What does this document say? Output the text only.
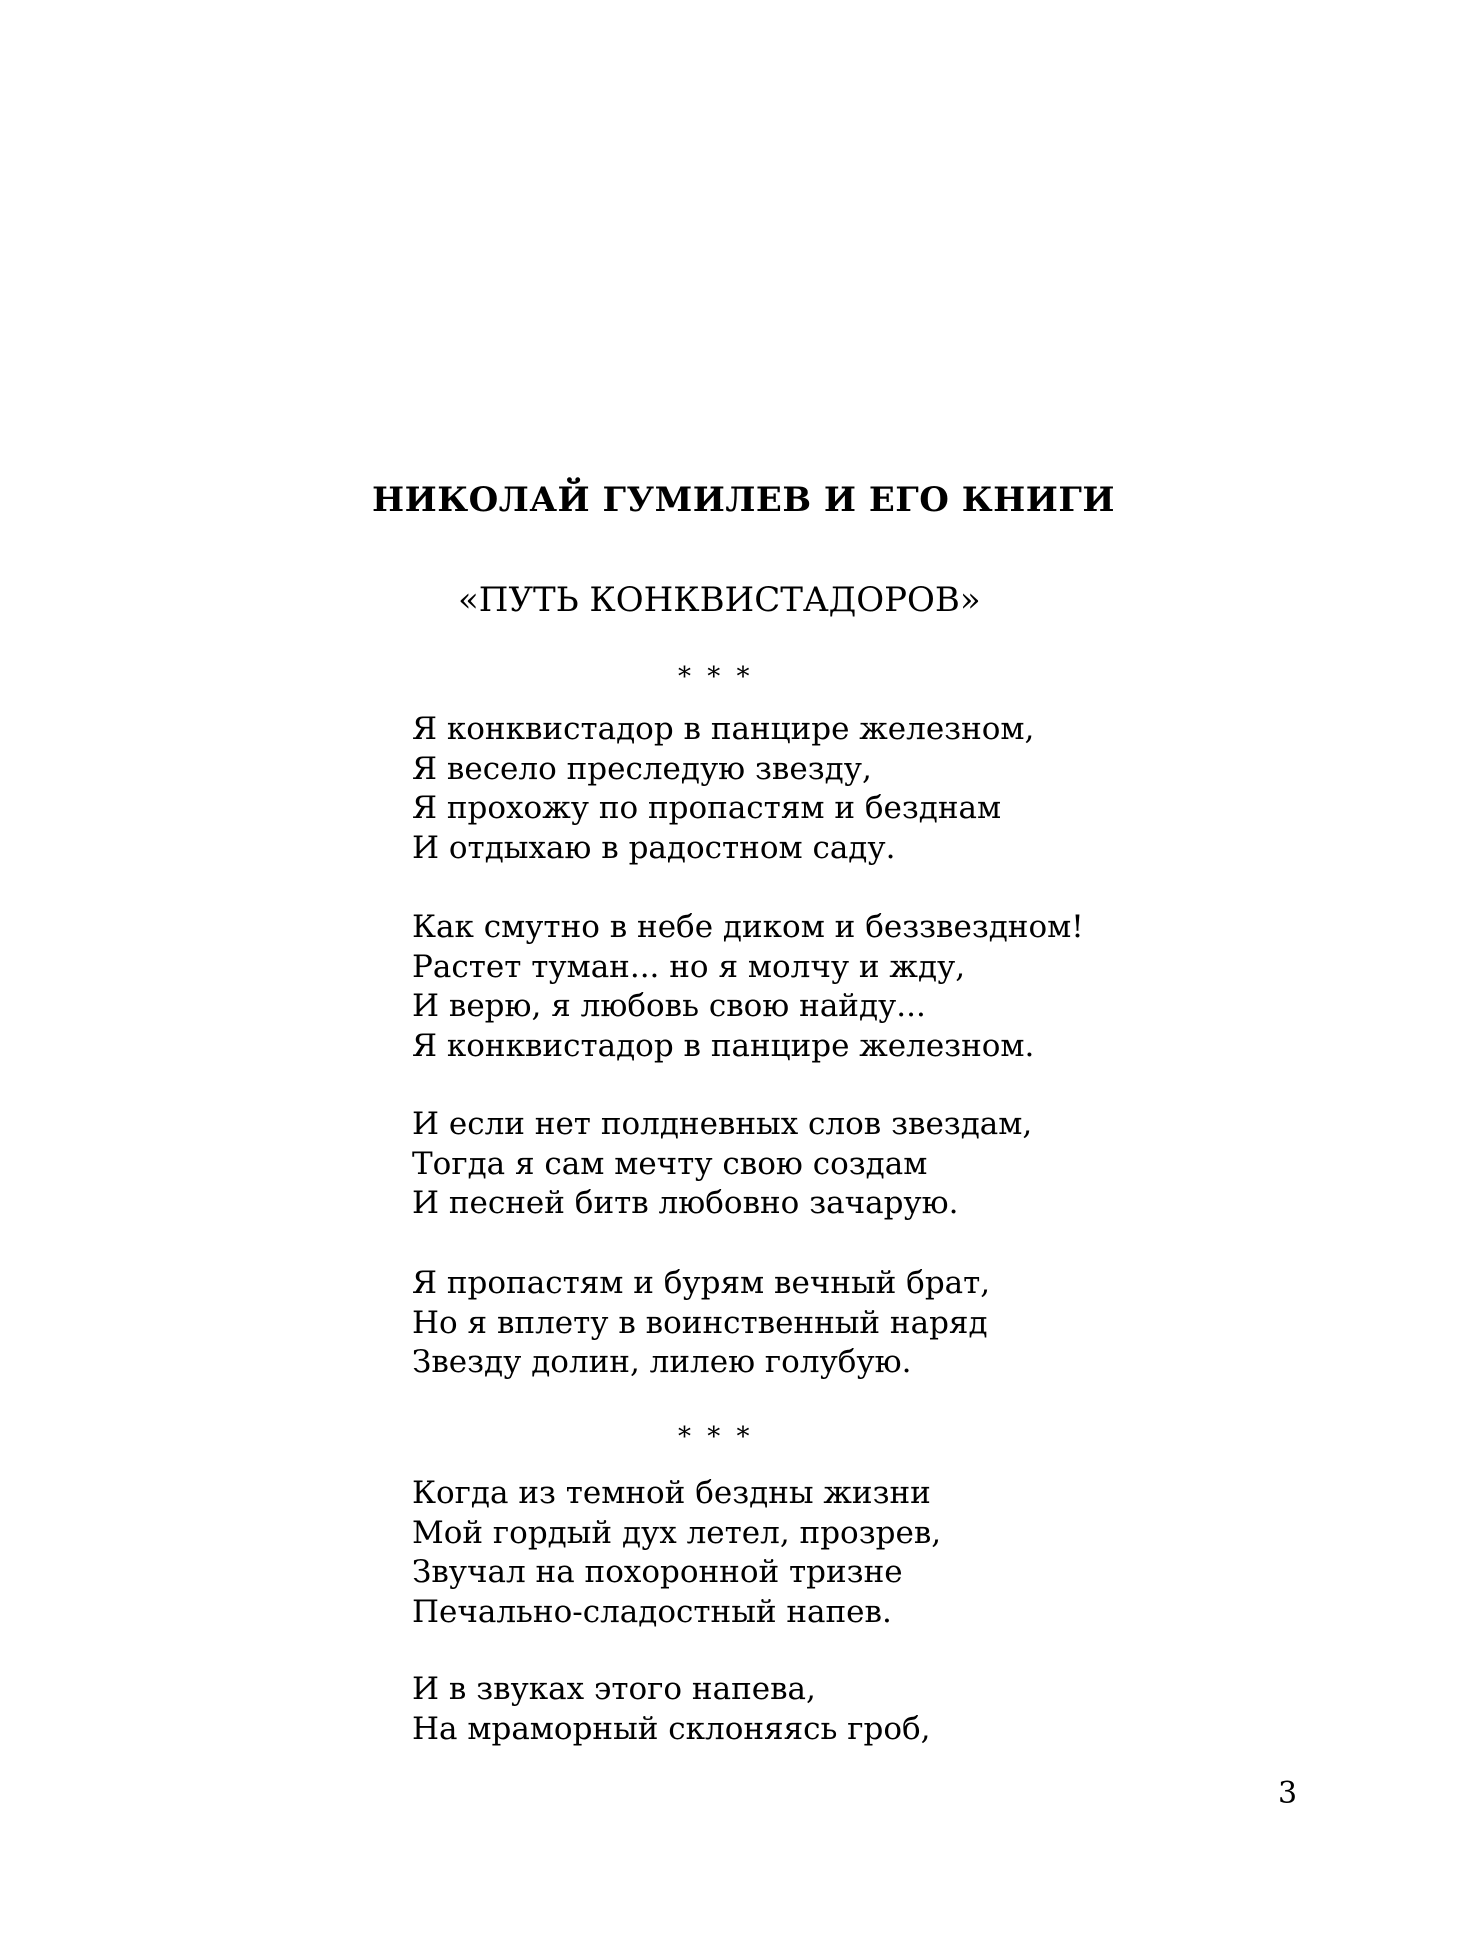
НИКОЛАЙ ГУМИЛЕВ И ЕГО КНИГИ
«ПУТЬ КОНКВИСТАДОРОВ»
* * *
Я конквистадор в панцире железном,
Я весело преследую звезду,
Я прохожу по пропастям и безднам
И отдыхаю в радостном саду.
Как смутно в небе диком и беззвездном!
Растет туман... но я молчу и жду,
И верю, я любовь свою найду...
Я конквистадор в панцире железном.
И если нет полдневных слов звездам,
Тогда я сам мечту свою создам
И песней битв любовно зачарую.
Я пропастям и бурям вечный брат,
Но я вплету в воинственный наряд
Звезду долин, лилею голубую.
* * *
Когда из темной бездны жизни
Мой гордый дух летел, прозрев,
Звучал на похоронной тризне
Печально-сладостный напев.
И в звуках этого напева,
На мраморный склоняясь гроб,
3
